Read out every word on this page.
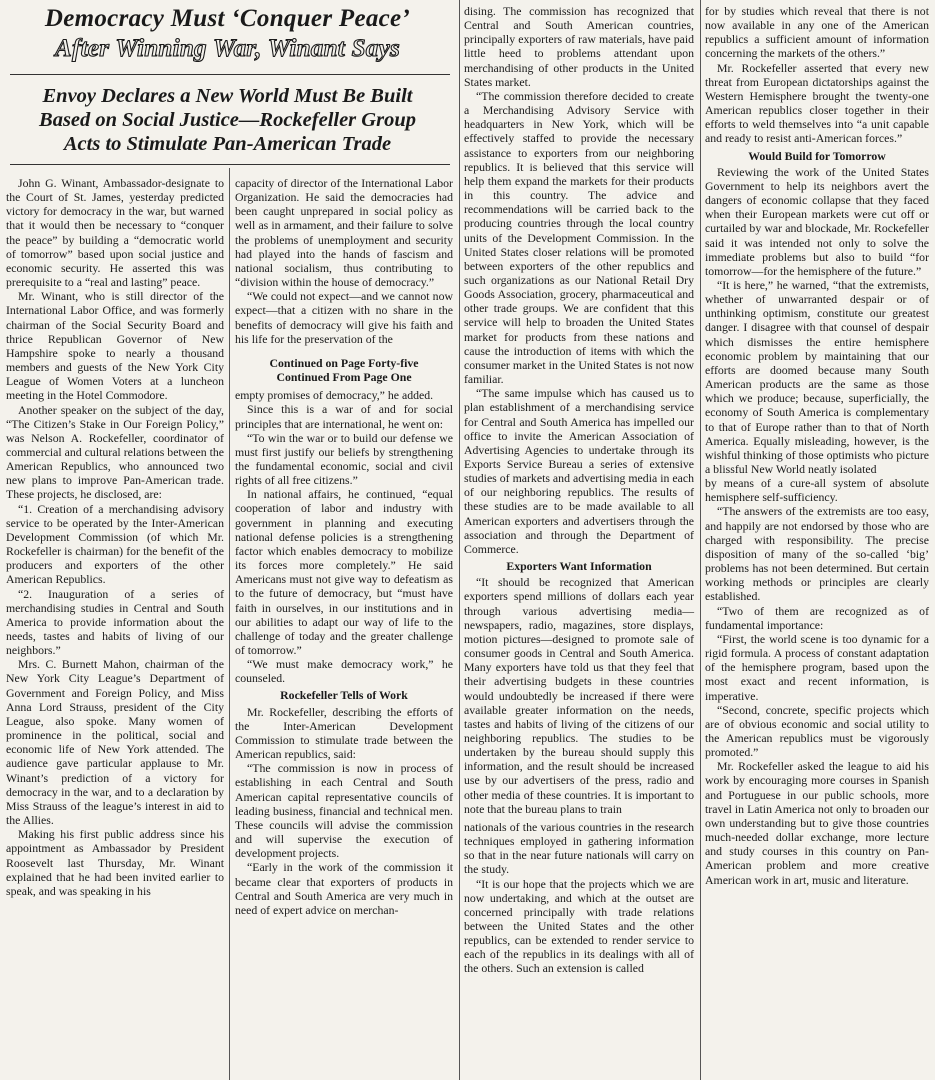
Democracy Must ‘Conquer Peace’
After Winning War, Winant Says
Envoy Declares a New World Must Be Built
Based on Social Justice—Rockefeller Group
Acts to Stimulate Pan-American Trade

John G. Winant, Ambassador-designate to the Court of St. James, yesterday predicted victory for democracy in the war, but warned that it would then be necessary to “conquer the peace” by building a “democratic world of tomorrow” based upon social justice and economic security. He asserted this was prerequisite to a “real and lasting” peace.

Mr. Winant, who is still director of the International Labor Office, and was formerly chairman of the Social Security Board and thrice Republican Governor of New Hampshire spoke to nearly a thousand members and guests of the New York City League of Women Voters at a luncheon meeting in the Hotel Commodore.

Another speaker on the subject of the day, “The Citizen’s Stake in Our Foreign Policy,” was Nelson A. Rockefeller, coordinator of commercial and cultural relations between the American Republics, who announced two new plans to improve Pan-American trade. These projects, he disclosed, are:

“1. Creation of a merchandising advisory service to be operated by the Inter-American Development Commission (of which Mr. Rockefeller is chairman) for the benefit of the producers and exporters of the other American Republics.

“2. Inauguration of a series of merchandising studies in Central and South America to provide information about the needs, tastes and habits of living of our neighbors.”

Mrs. C. Burnett Mahon, chairman of the New York City League’s Department of Government and Foreign Policy, and Miss Anna Lord Strauss, president of the City League, also spoke. Many women of prominence in the political, social and economic life of New York attended. The audience gave particular applause to Mr. Winant’s prediction of a victory for democracy in the war, and to a declaration by Miss Strauss of the league’s interest in aid to the Allies.

Making his first public address since his appointment as Ambassador by President Roosevelt last Thursday, Mr. Winant explained that he had been invited earlier to speak, and was speaking in his

capacity of director of the International Labor Organization. He said the democracies had been caught unprepared in social policy as well as in armament, and their failure to solve the problems of unemployment and security had played into the hands of fascism and national socialism, thus contributing to “division within the house of democracy.”

“We could not expect—and we cannot now expect—that a citizen with no share in the benefits of democracy will give his faith and his life for the preservation of the

Continued on Page Forty-five
Continued From Page One

empty promises of democracy,” he added.

Since this is a war of and for social principles that are international, he went on:

“To win the war or to build our defense we must first justify our beliefs by strengthening the fundamental economic, social and civil rights of all free citizens.”

In national affairs, he continued, “equal cooperation of labor and industry with government in planning and executing national defense policies is a strengthening factor which enables democracy to mobilize its forces more completely.” He said Americans must not give way to defeatism as to the future of democracy, but “must have faith in ourselves, in our institutions and in our abilities to adapt our way of life to the challenge of today and the greater challenge of tomorrow.”

“We must make democracy work,” he counseled.

Rockefeller Tells of Work

Mr. Rockefeller, describing the efforts of the Inter-American Development Commission to stimulate trade between the American republics, said:

“The commission is now in process of establishing in each Central and South American capital representative councils of leading business, financial and technical men. These councils will advise the commission and will supervise the execution of development projects.

“Early in the work of the commission it became clear that exporters of products in Central and South America are very much in need of expert advice on merchan-

dising. The commission has recognized that Central and South American countries, principally exporters of raw materials, have paid little heed to problems attendant upon merchandising of other products in the United States market.

“The commission therefore decided to create a Merchandising Advisory Service with headquarters in New York, which will be effectively staffed to provide the necessary assistance to exporters from our neighboring republics. It is believed that this service will help them expand the markets for their products in this country. The advice and recommendations will be carried back to the producing countries through the local country units of the Development Commission. In the United States closer relations will be promoted between exporters of the other republics and such organizations as our National Retail Dry Goods Association, grocery, pharmaceutical and other trade groups. We are confident that this service will help to broaden the United States market for products from these nations and cause the introduction of items with which the consumer market in the United States is not now familiar.

“The same impulse which has caused us to plan establishment of a merchandising service for Central and South America has impelled our office to invite the American Association of Advertising Agencies to undertake through its Exports Service Bureau a series of extensive studies of markets and advertising media in each of our neighboring republics. The results of these studies are to be made available to all American exporters and advertisers through the association and through the Department of Commerce.

Exporters Want Information

“It should be recognized that American exporters spend millions of dollars each year through various advertising media—newspapers, radio, magazines, store displays, motion pictures—designed to promote sale of consumer goods in Central and South America. Many exporters have told us that they feel that their advertising budgets in these countries would undoubtedly be increased if there were available greater information on the needs, tastes and habits of living of the citizens of our neighboring republics. The studies to be undertaken by the bureau should supply this information, and the result should be increased use by our advertisers of the press, radio and other media of these countries. It is important to note that the bureau plans to train

nationals of the various countries in the research techniques employed in gathering information so that in the near future nationals will carry on the study.

“It is our hope that the projects which we are now undertaking, and which at the outset are concerned principally with trade relations between the United States and the other republics, can be extended to render service to each of the republics in its dealings with all of the others. Such an extension is called

for by studies which reveal that there is not now available in any one of the American republics a sufficient amount of information concerning the markets of the others.”

Mr. Rockefeller asserted that every new threat from European dictatorships against the Western Hemisphere brought the twenty-one American republics closer together in their efforts to weld themselves into “a unit capable and ready to resist anti-American forces.”

Would Build for Tomorrow

Reviewing the work of the United States Government to help its neighbors avert the dangers of economic collapse that they faced when their European markets were cut off or curtailed by war and blockade, Mr. Rockefeller said it was intended not only to solve the immediate problems but also to build “for tomorrow—for the hemisphere of the future.”

“It is here,” he warned, “that the extremists, whether of unwarranted despair or of unthinking optimism, constitute our greatest danger. I disagree with that counsel of despair which dismisses the entire hemisphere economic problem by maintaining that our efforts are doomed because many South American products are the same as those which we produce; because, superficially, the economy of South America is complementary to that of Europe rather than to that of North America. Equally misleading, however, is the wishful thinking of those optimists who picture a blissful New World neatly isolated

by means of a cure-all system of absolute hemisphere self-sufficiency.

“The answers of the extremists are too easy, and happily are not endorsed by those who are charged with responsibility. The precise disposition of many of the so-called ‘big’ problems has not been determined. But certain working methods or principles are clearly established.

“Two of them are recognized as of fundamental importance:

“First, the world scene is too dynamic for a rigid formula. A process of constant adaptation of the hemisphere program, based upon the most exact and recent information, is imperative.

“Second, concrete, specific projects which are of obvious economic and social utility to the American republics must be vigorously promoted.”

Mr. Rockefeller asked the league to aid his work by encouraging more courses in Spanish and Portuguese in our public schools, more travel in Latin America not only to broaden our own understanding but to give those countries much-needed dollar exchange, more lecture and study courses in this country on Pan-American problem and more creative American work in art, music and literature.
